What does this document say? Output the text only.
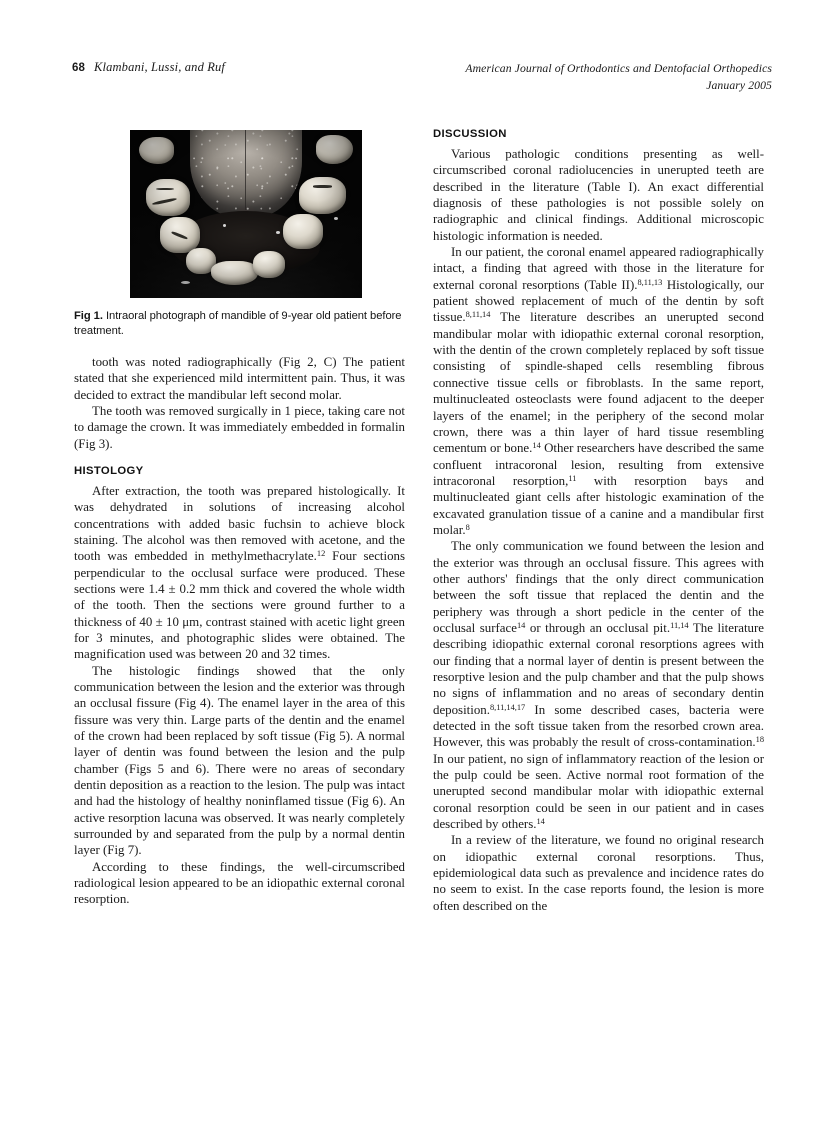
68 Klambani, Lussi, and Ruf	American Journal of Orthodontics and Dentofacial Orthopedics
January 2005
Fig 1. Intraoral photograph of mandible of 9-year old patient before treatment.

tooth was noted radiographically (Fig 2, C) The patient stated that she experienced mild intermittent pain. Thus, it was decided to extract the mandibular left second molar.

The tooth was removed surgically in 1 piece, taking care not to damage the crown. It was immediately embedded in formalin (Fig 3).

HISTOLOGY

After extraction, the tooth was prepared histologically. It was dehydrated in solutions of increasing alcohol concentrations with added basic fuchsin to achieve block staining. The alcohol was then removed with acetone, and the tooth was embedded in methylmethacrylate.$^{12}$ Four sections perpendicular to the occlusal surface were produced. These sections were 1.4 ± 0.2 mm thick and covered the whole width of the tooth. Then the sections were ground further to a thickness of 40 ± 10 μm, contrast stained with acetic light green for 3 minutes, and photographic slides were obtained. The magnification used was between 20 and 32 times.

The histologic findings showed that the only communication between the lesion and the exterior was through an occlusal fissure (Fig 4). The enamel layer in the area of this fissure was very thin. Large parts of the dentin and the enamel of the crown had been replaced by soft tissue (Fig 5). A normal layer of dentin was found between the lesion and the pulp chamber (Figs 5 and 6). There were no areas of secondary dentin deposition as a reaction to the lesion. The pulp was intact and had the histology of healthy noninflamed tissue (Fig 6). An active resorption lacuna was observed. It was nearly completely surrounded by and separated from the pulp by a normal dentin layer (Fig 7).

According to these findings, the well-circumscribed radiological lesion appeared to be an idiopathic external coronal resorption.

DISCUSSION

Various pathologic conditions presenting as well-circumscribed coronal radiolucencies in unerupted teeth are described in the literature (Table I). An exact differential diagnosis of these pathologies is not possible solely on radiographic and clinical findings. Additional microscopic histologic information is needed.

In our patient, the coronal enamel appeared radiographically intact, a finding that agreed with those in the literature for external coronal resorptions (Table II).$^{8,11,13}$ Histologically, our patient showed replacement of much of the dentin by soft tissue.$^{8,11,14}$ The literature describes an unerupted second mandibular molar with idiopathic external coronal resorption, with the dentin of the crown completely replaced by soft tissue consisting of spindle-shaped cells resembling fibrous connective tissue cells or fibroblasts. In the same report, multinucleated osteoclasts were found adjacent to the deeper layers of the enamel; in the periphery of the second molar crown, there was a thin layer of hard tissue resembling cementum or bone.$^{14}$ Other researchers have described the same confluent intracoronal lesion, resulting from extensive intracoronal resorption,$^{11}$ with resorption bays and multinucleated giant cells after histologic examination of the excavated granulation tissue of a canine and a mandibular first molar.$^8$

The only communication we found between the lesion and the exterior was through an occlusal fissure. This agrees with other authors' findings that the only direct communication between the soft tissue that replaced the dentin and the periphery was through a short pedicle in the center of the occlusal surface$^{14}$ or through an occlusal pit.$^{11,14}$ The literature describing idiopathic external coronal resorptions agrees with our finding that a normal layer of dentin is present between the resorptive lesion and the pulp chamber and that the pulp shows no signs of inflammation and no areas of secondary dentin deposition.$^{8,11,14,17}$ In some described cases, bacteria were detected in the soft tissue taken from the resorbed crown area. However, this was probably the result of cross-contamination.$^{18}$ In our patient, no sign of inflammatory reaction of the lesion or the pulp could be seen. Active normal root formation of the unerupted second mandibular molar with idiopathic external coronal resorption could be seen in our patient and in cases described by others.$^{14}$

In a review of the literature, we found no original research on idiopathic external coronal resorptions. Thus, epidemiological data such as prevalence and incidence rates do no seem to exist. In the case reports found, the lesion is more often described on the
